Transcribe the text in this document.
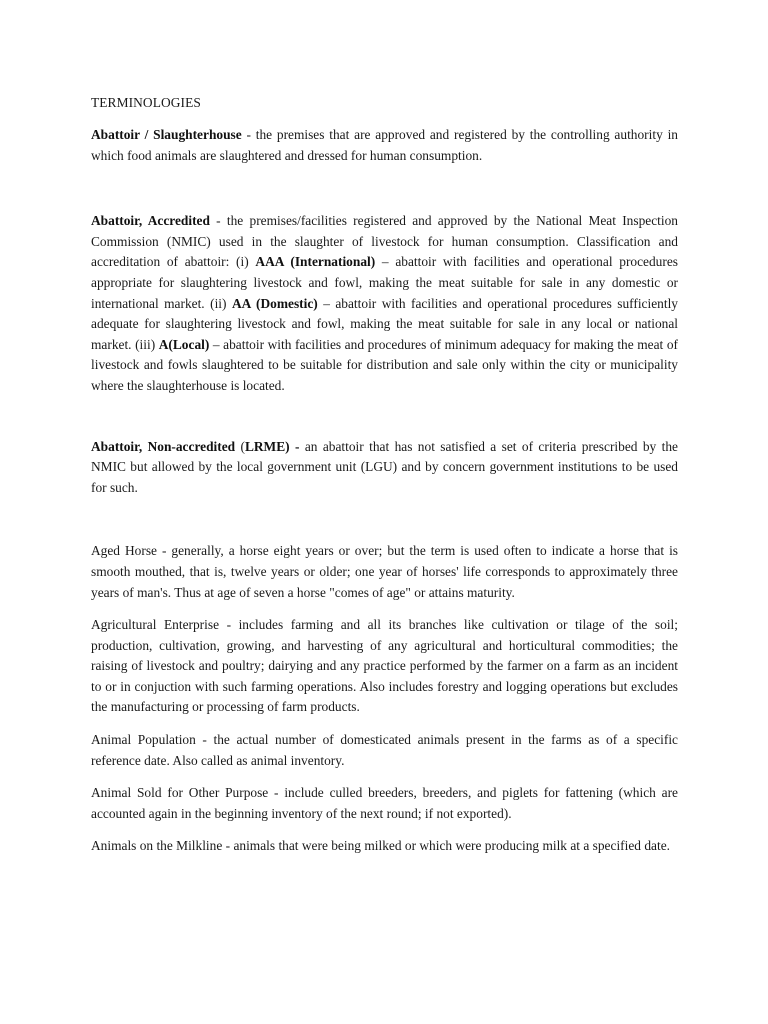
TERMINOLOGIES

Abattoir / Slaughterhouse - the premises that are approved and registered by the controlling authority in which food animals are slaughtered and dressed for human consumption.

Abattoir, Accredited - the premises/facilities registered and approved by the National Meat Inspection Commission (NMIC) used in the slaughter of livestock for human consumption. Classification and accreditation of abattoir: (i) AAA (International) – abattoir with facilities and operational procedures appropriate for slaughtering livestock and fowl, making the meat suitable for sale in any domestic or international market. (ii) AA (Domestic) – abattoir with facilities and operational procedures sufficiently adequate for slaughtering livestock and fowl, making the meat suitable for sale in any local or national market. (iii) A(Local) – abattoir with facilities and procedures of minimum adequacy for making the meat of livestock and fowls slaughtered to be suitable for distribution and sale only within the city or municipality where the slaughterhouse is located.

Abattoir, Non-accredited (LRME) - an abattoir that has not satisfied a set of criteria prescribed by the NMIC but allowed by the local government unit (LGU) and by concern government institutions to be used for such.

Aged Horse - generally, a horse eight years or over; but the term is used often to indicate a horse that is smooth mouthed, that is, twelve years or older; one year of horses' life corresponds to approximately three years of man's. Thus at age of seven a horse "comes of age" or attains maturity.

Agricultural Enterprise - includes farming and all its branches like cultivation or tilage of the soil; production, cultivation, growing, and harvesting of any agricultural and horticultural commodities; the raising of livestock and poultry; dairying and any practice performed by the farmer on a farm as an incident to or in conjuction with such farming operations. Also includes forestry and logging operations but excludes the manufacturing or processing of farm products.

Animal Population - the actual number of domesticated animals present in the farms as of a specific reference date. Also called as animal inventory.

Animal Sold for Other Purpose - include culled breeders, breeders, and piglets for fattening (which are accounted again in the beginning inventory of the next round; if not exported).

Animals on the Milkline - animals that were being milked or which were producing milk at a specified date.
